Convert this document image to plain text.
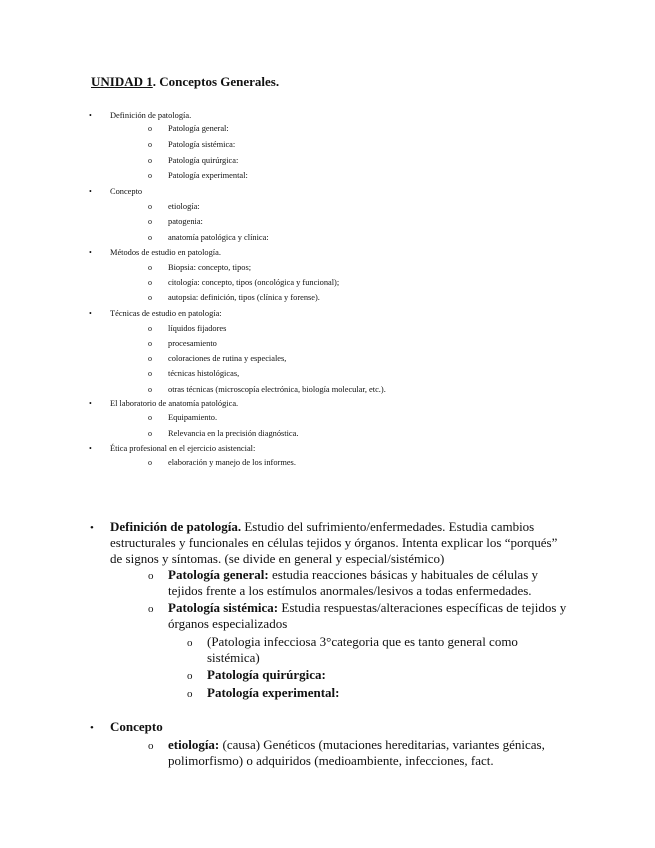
UNIDAD 1. Conceptos Generales.
• Definición de patología.
o Patología general:
o Patología sistémica:
o Patología quirúrgica:
o Patología experimental:
• Concepto
o etiología:
o patogenia:
o anatomía patológica y clínica:
• Métodos de estudio en patología.
o Biopsia: concepto, tipos;
o citología: concepto, tipos (oncológica y funcional);
o autopsia: definición, tipos (clínica y forense).
• Técnicas de estudio en patología:
o líquidos fijadores
o procesamiento
o coloraciones de rutina y especiales,
o técnicas histológicas,
o otras técnicas (microscopía electrónica, biología molecular, etc.).
• El laboratorio de anatomía patológica.
o Equipamiento.
o Relevancia en la precisión diagnóstica.
• Ética profesional en el ejercicio asistencial:
o elaboración y manejo de los informes.
• Definición de patología. Estudio del sufrimiento/enfermedades. Estudia cambios estructurales y funcionales en células tejidos y órganos. Intenta explicar los “porqués” de signos y síntomas. (se divide en general y especial/sistémico)
o Patología general: estudia reacciones básicas y habituales de células y tejidos frente a los estímulos anormales/lesivos a todas enfermedades.
o Patología sistémica: Estudia respuestas/alteraciones específicas de tejidos y órganos especializados
o (Patologia infecciosa 3°categoria que es tanto general como sistémica)
o Patología quirúrgica:
o Patología experimental:
• Concepto
o etiología: (causa) Genéticos (mutaciones hereditarias, variantes génicas, polimorfismo) o adquiridos (medioambiente, infecciones, fact.
